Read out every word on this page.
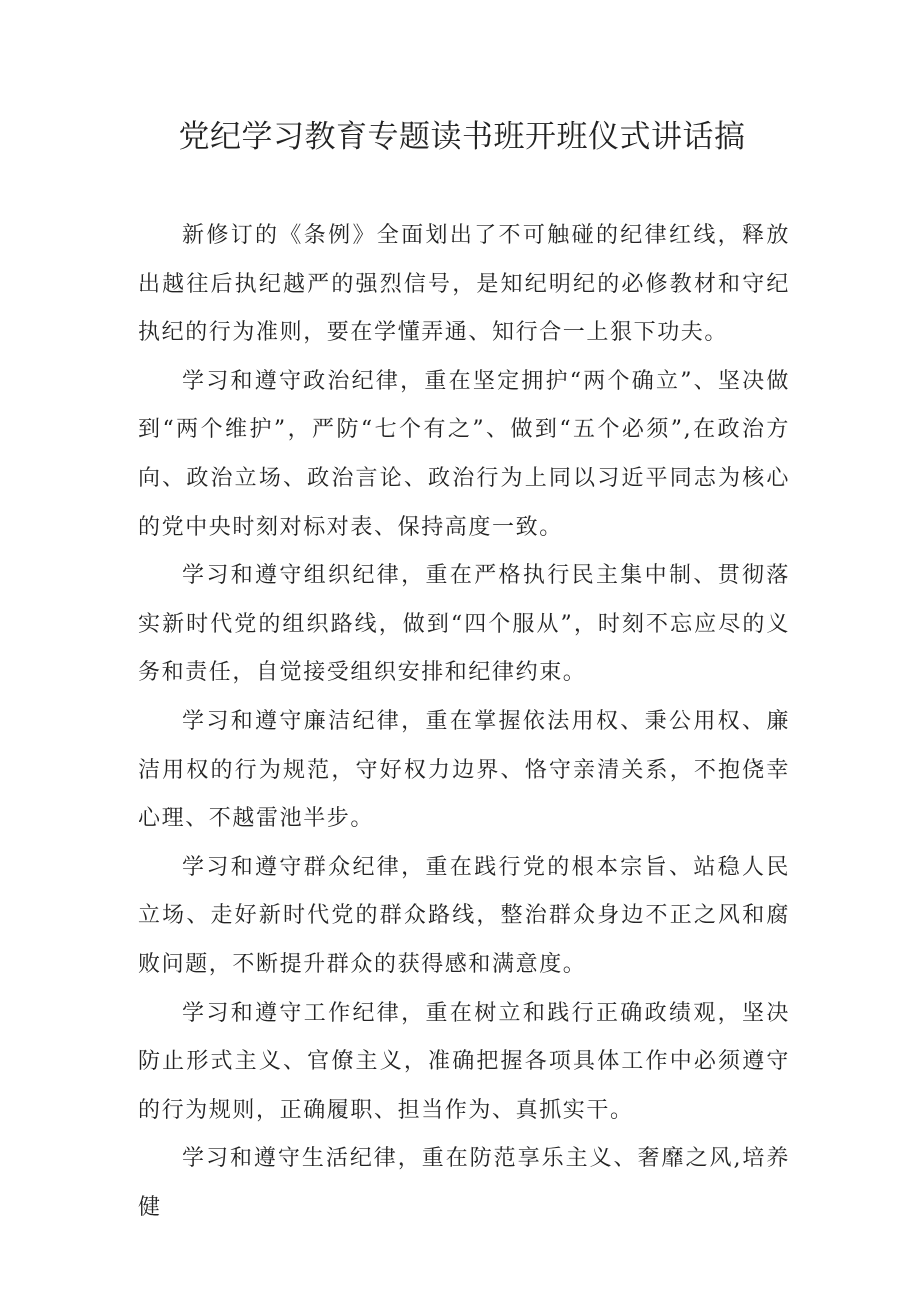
党纪学习教育专题读书班开班仪式讲话搞

新修订的《条例》全面划出了不可触碰的纪律红线，释放出越往后执纪越严的强烈信号，是知纪明纪的必修教材和守纪执纪的行为准则，要在学懂弄通、知行合一上狠下功夫。

学习和遵守政治纪律，重在坚定拥护“两个确立”、坚决做到“两个维护”，严防“七个有之”、做到“五个必须”,在政治方向、政治立场、政治言论、政治行为上同以习近平同志为核心的党中央时刻对标对表、保持高度一致。

学习和遵守组织纪律，重在严格执行民主集中制、贯彻落实新时代党的组织路线，做到“四个服从”，时刻不忘应尽的义务和责任，自觉接受组织安排和纪律约束。

学习和遵守廉洁纪律，重在掌握依法用权、秉公用权、廉洁用权的行为规范，守好权力边界、恪守亲清关系，不抱侥幸心理、不越雷池半步。

学习和遵守群众纪律，重在践行党的根本宗旨、站稳人民立场、走好新时代党的群众路线，整治群众身边不正之风和腐败问题，不断提升群众的获得感和满意度。

学习和遵守工作纪律，重在树立和践行正确政绩观，坚决防止形式主义、官僚主义，准确把握各项具体工作中必须遵守的行为规则，正确履职、担当作为、真抓实干。

学习和遵守生活纪律，重在防范享乐主义、奢靡之风,培养健
